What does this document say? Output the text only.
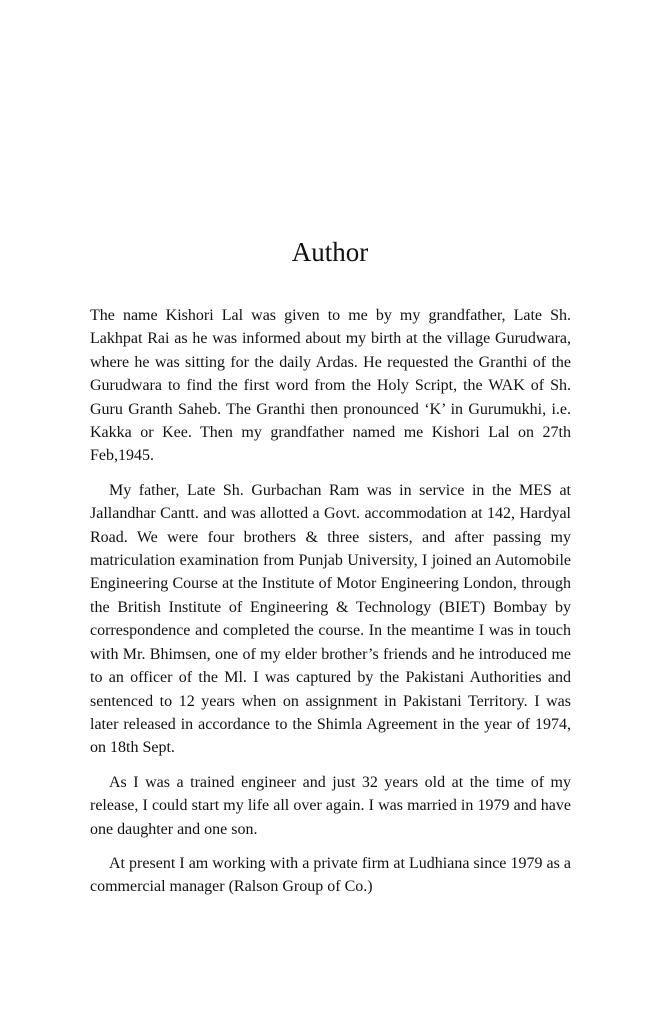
Author

The name Kishori Lal was given to me by my grandfather, Late Sh. Lakhpat Rai as he was informed about my birth at the village Gurudwara, where he was sitting for the daily Ardas. He requested the Granthi of the Gurudwara to find the first word from the Holy Script, the WAK of Sh. Guru Granth Saheb. The Granthi then pronounced ‘K’ in Gurumukhi, i.e. Kakka or Kee. Then my grandfather named me Kishori Lal on 27th Feb,1945.

My father, Late Sh. Gurbachan Ram was in service in the MES at Jallandhar Cantt. and was allotted a Govt. accommodation at 142, Hardyal Road. We were four brothers & three sisters, and after passing my matriculation examination from Punjab University, I joined an Automobile Engineering Course at the Institute of Motor Engineering London, through the British Institute of Engineering & Technology (BIET) Bombay by correspondence and completed the course. In the meantime I was in touch with Mr. Bhimsen, one of my elder brother’s friends and he introduced me to an officer of the Ml. I was captured by the Pakistani Authorities and sentenced to 12 years when on assignment in Pakistani Territory. I was later released in accordance to the Shimla Agreement in the year of 1974, on 18th Sept.

As I was a trained engineer and just 32 years old at the time of my release, I could start my life all over again. I was married in 1979 and have one daughter and one son.

At present I am working with a private firm at Ludhiana since 1979 as a commercial manager (Ralson Group of Co.)
